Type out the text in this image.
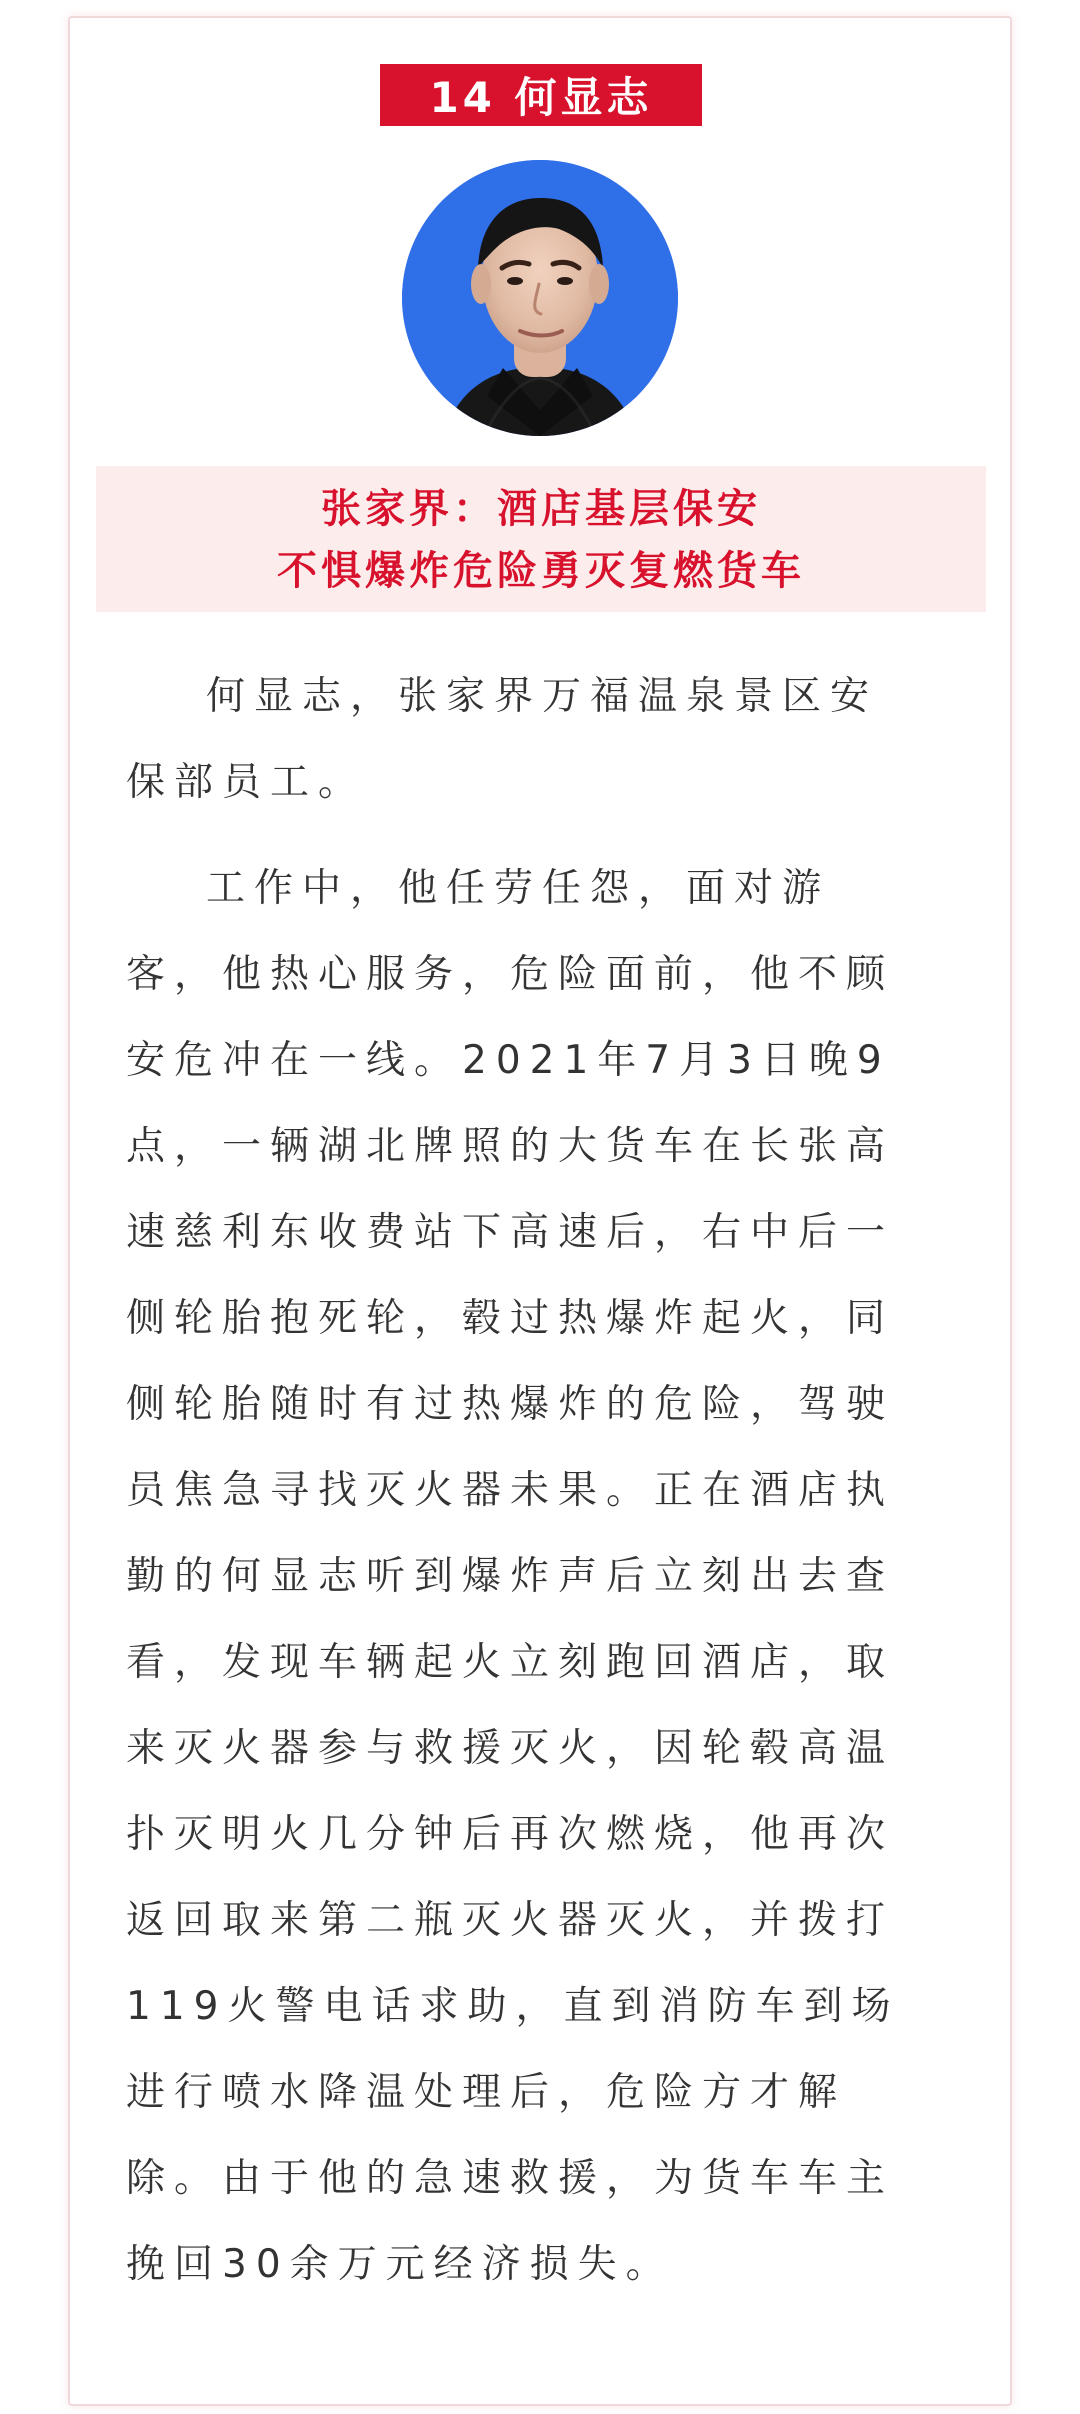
14 何显志
张家界：酒店基层保安
不惧爆炸危险勇灭复燃货车
何显志，张家界万福温泉景区安
保部员工。
工作中，他任劳任怨，面对游
客，他热心服务，危险面前，他不顾
安危冲在一线。2021年7月3日晚9
点，一辆湖北牌照的大货车在长张高
速慈利东收费站下高速后，右中后一
侧轮胎抱死轮，毂过热爆炸起火，同
侧轮胎随时有过热爆炸的危险，驾驶
员焦急寻找灭火器未果。正在酒店执
勤的何显志听到爆炸声后立刻出去查
看，发现车辆起火立刻跑回酒店，取
来灭火器参与救援灭火，因轮毂高温
扑灭明火几分钟后再次燃烧，他再次
返回取来第二瓶灭火器灭火，并拨打
119火警电话求助，直到消防车到场
进行喷水降温处理后，危险方才解
除。由于他的急速救援，为货车车主
挽回30余万元经济损失。
